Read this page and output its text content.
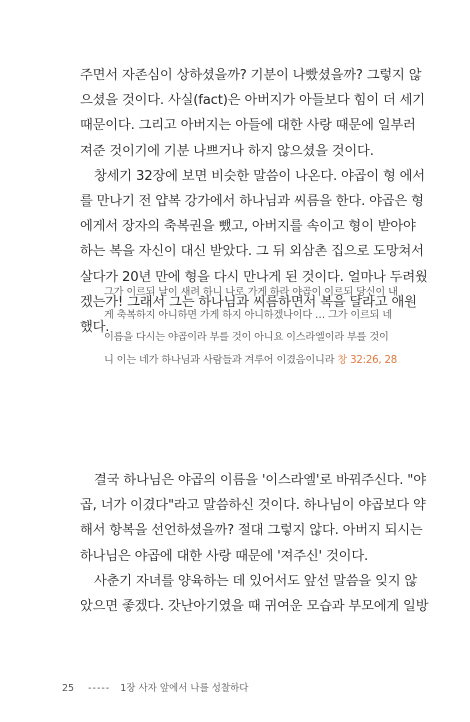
주면서 자존심이 상하셨을까? 기분이 나빴셨을까? 그렇지 않
으셨을 것이다. 사실(fact)은 아버지가 아들보다 힘이 더 세기
때문이다. 그리고 아버지는 아들에 대한 사랑 때문에 일부러
져준 것이기에 기분 나쁘거나 하지 않으셨을 것이다.
창세기 32장에 보면 비슷한 말씀이 나온다. 야곱이 형 에서
를 만나기 전 얍복 강가에서 하나님과 씨름을 한다. 야곱은 형
에게서 장자의 축복권을 뺐고, 아버지를 속이고 형이 받아야
하는 복을 자신이 대신 받았다. 그 뒤 외삼촌 집으로 도망쳐서
살다가 20년 만에 형을 다시 만나게 된 것이다. 얼마나 두려웠
겠는가! 그래서 그는 하나님과 씨름하면서 복을 달라고 애원
했다.
그가 이르되 날이 새려 하니 나로 가게 하라 야곱이 이르되 당신이 내
게 축복하지 아니하면 가게 하지 아니하겠나이다 … 그가 이르되 네
이름을 다시는 야곱이라 부를 것이 아니요 이스라엘이라 부를 것이
니 이는 네가 하나님과 사람들과 겨루어 이겼음이니라 창 32:26, 28
결국 하나님은 야곱의 이름을 '이스라엘'로 바꿔주신다. "야
곱, 너가 이겼다"라고 말씀하신 것이다. 하나님이 야곱보다 약
해서 항복을 선언하셨을까? 절대 그렇지 않다. 아버지 되시는
하나님은 야곱에 대한 사랑 때문에 '져주신' 것이다.
사춘기 자녀를 양육하는 데 있어서도 앞선 말씀을 잊지 않
았으면 좋겠다. 갓난아기였을 때 귀여운 모습과 부모에게 일방
25 ----- 1장 사자 앞에서 나를 성찰하다
